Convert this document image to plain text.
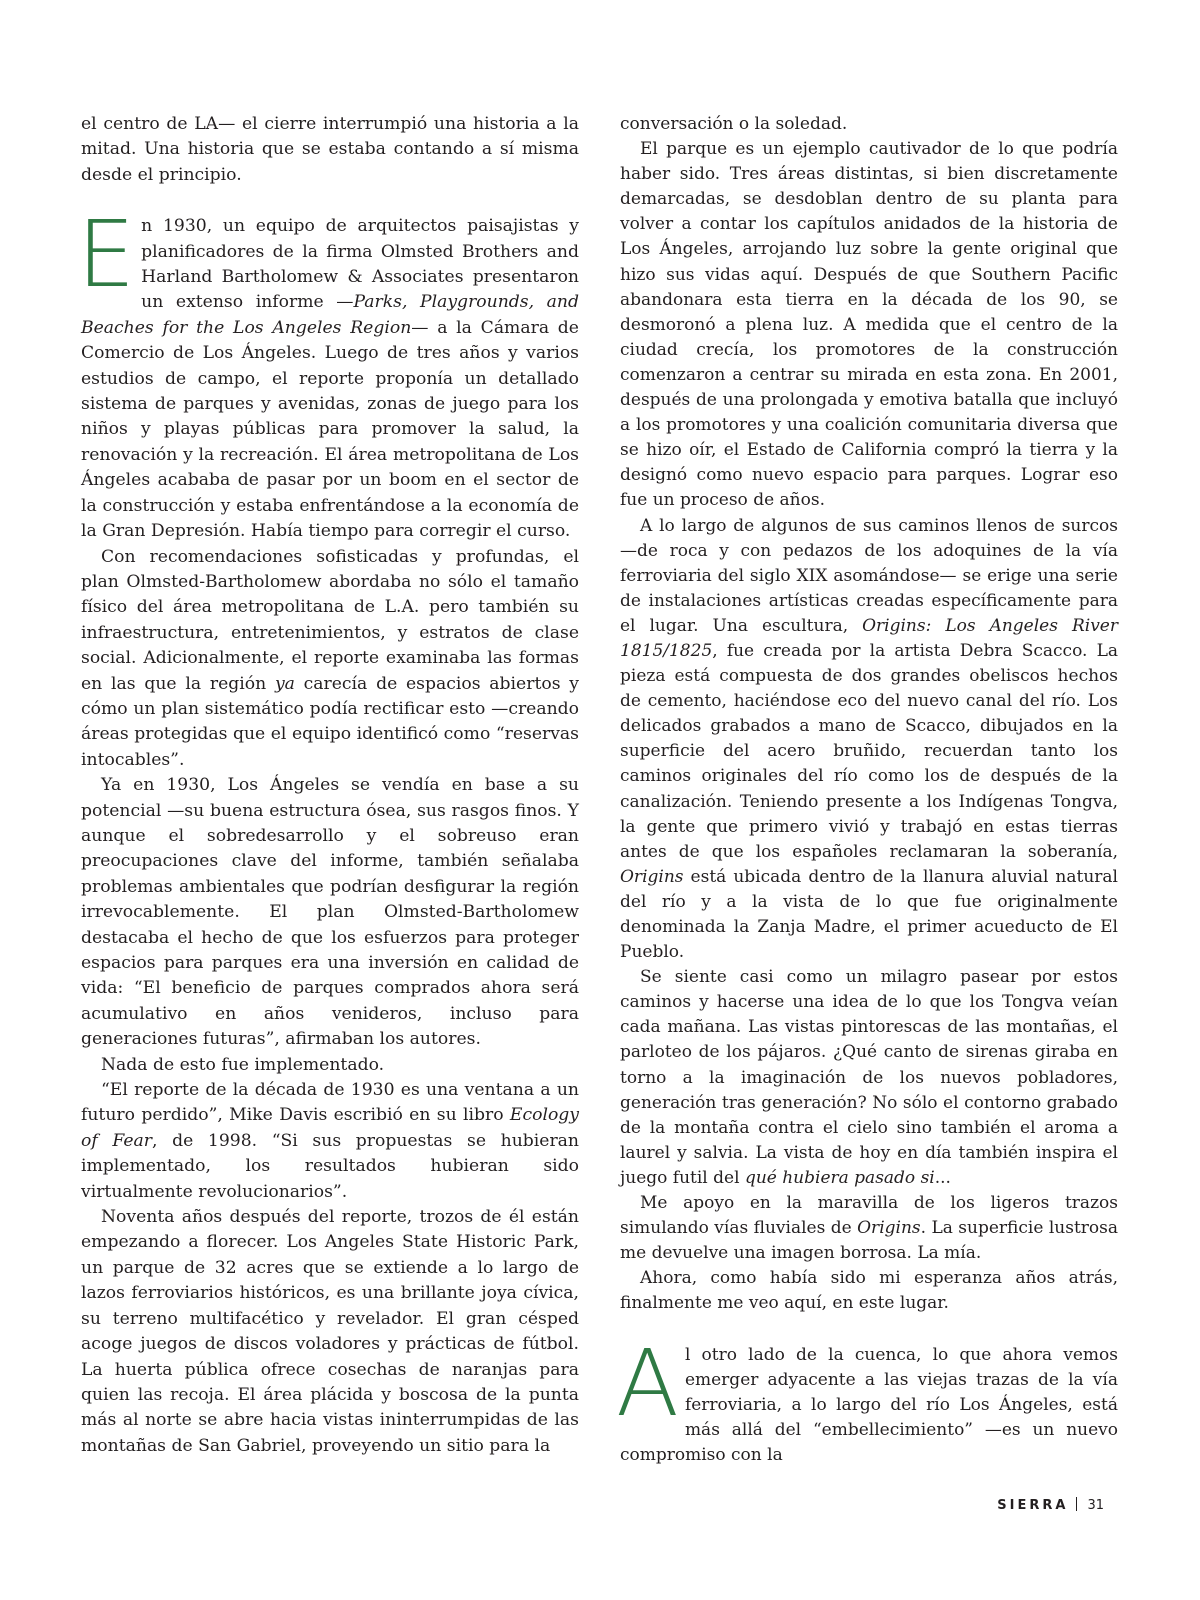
el centro de LA— el cierre interrumpió una historia a la mitad. Una historia que se estaba contando a sí misma desde el principio.

En 1930, un equipo de arquitectos paisajistas y planificadores de la firma Olmsted Brothers and Harland Bartholomew & Associates presentaron un extenso informe —Parks, Playgrounds, and Beaches for the Los Angeles Region— a la Cámara de Comercio de Los Ángeles. Luego de tres años y varios estudios de campo, el reporte proponía un detallado sistema de parques y avenidas, zonas de juego para los niños y playas públicas para promover la salud, la renovación y la recreación. El área metropolitana de Los Ángeles acababa de pasar por un boom en el sector de la construcción y estaba enfrentándose a la economía de la Gran Depresión. Había tiempo para corregir el curso.

Con recomendaciones sofisticadas y profundas, el plan Olmsted-Bartholomew abordaba no sólo el tamaño físico del área metropolitana de L.A. pero también su infraestructura, entretenimientos, y estratos de clase social. Adicionalmente, el reporte examinaba las formas en las que la región ya carecía de espacios abiertos y cómo un plan sistemático podía rectificar esto —creando áreas protegidas que el equipo identificó como “reservas intocables”.

Ya en 1930, Los Ángeles se vendía en base a su potencial —su buena estructura ósea, sus rasgos finos. Y aunque el sobredesarrollo y el sobreuso eran preocupaciones clave del informe, también señalaba problemas ambientales que podrían desfigurar la región irrevocablemente. El plan Olmsted-Bartholomew destacaba el hecho de que los esfuerzos para proteger espacios para parques era una inversión en calidad de vida: “El beneficio de parques comprados ahora será acumulativo en años venideros, incluso para generaciones futuras”, afirmaban los autores.

Nada de esto fue implementado.

“El reporte de la década de 1930 es una ventana a un futuro perdido”, Mike Davis escribió en su libro Ecology of Fear, de 1998. “Si sus propuestas se hubieran implementado, los resultados hubieran sido virtualmente revolucionarios”.

Noventa años después del reporte, trozos de él están empezando a florecer. Los Angeles State Historic Park, un parque de 32 acres que se extiende a lo largo de lazos ferroviarios históricos, es una brillante joya cívica, su terreno multifacético y revelador. El gran césped acoge juegos de discos voladores y prácticas de fútbol. La huerta pública ofrece cosechas de naranjas para quien las recoja. El área plácida y boscosa de la punta más al norte se abre hacia vistas ininterrumpidas de las montañas de San Gabriel, proveyendo un sitio para la

conversación o la soledad.

El parque es un ejemplo cautivador de lo que podría haber sido. Tres áreas distintas, si bien discretamente demarcadas, se desdoblan dentro de su planta para volver a contar los capítulos anidados de la historia de Los Ángeles, arrojando luz sobre la gente original que hizo sus vidas aquí. Después de que Southern Pacific abandonara esta tierra en la década de los 90, se desmoronó a plena luz. A medida que el centro de la ciudad crecía, los promotores de la construcción comenzaron a centrar su mirada en esta zona. En 2001, después de una prolongada y emotiva batalla que incluyó a los promotores y una coalición comunitaria diversa que se hizo oír, el Estado de California compró la tierra y la designó como nuevo espacio para parques. Lograr eso fue un proceso de años.

A lo largo de algunos de sus caminos llenos de surcos —de roca y con pedazos de los adoquines de la vía ferroviaria del siglo XIX asomándose— se erige una serie de instalaciones artísticas creadas específicamente para el lugar. Una escultura, Origins: Los Angeles River 1815/1825, fue creada por la artista Debra Scacco. La pieza está compuesta de dos grandes obeliscos hechos de cemento, haciéndose eco del nuevo canal del río. Los delicados grabados a mano de Scacco, dibujados en la superficie del acero bruñido, recuerdan tanto los caminos originales del río como los de después de la canalización. Teniendo presente a los Indígenas Tongva, la gente que primero vivió y trabajó en estas tierras antes de que los españoles reclamaran la soberanía, Origins está ubicada dentro de la llanura aluvial natural del río y a la vista de lo que fue originalmente denominada la Zanja Madre, el primer acueducto de El Pueblo.

Se siente casi como un milagro pasear por estos caminos y hacerse una idea de lo que los Tongva veían cada mañana. Las vistas pintorescas de las montañas, el parloteo de los pájaros. ¿Qué canto de sirenas giraba en torno a la imaginación de los nuevos pobladores, generación tras generación? No sólo el contorno grabado de la montaña contra el cielo sino también el aroma a laurel y salvia. La vista de hoy en día también inspira el juego futil del qué hubiera pasado si...

Me apoyo en la maravilla de los ligeros trazos simulando vías fluviales de Origins. La superficie lustrosa me devuelve una imagen borrosa. La mía.

Ahora, como había sido mi esperanza años atrás, finalmente me veo aquí, en este lugar.

Al otro lado de la cuenca, lo que ahora vemos emerger adyacente a las viejas trazas de la vía ferroviaria, a lo largo del río Los Ángeles, está más allá del “embellecimiento” —es un nuevo compromiso con la

SIERRA 31
